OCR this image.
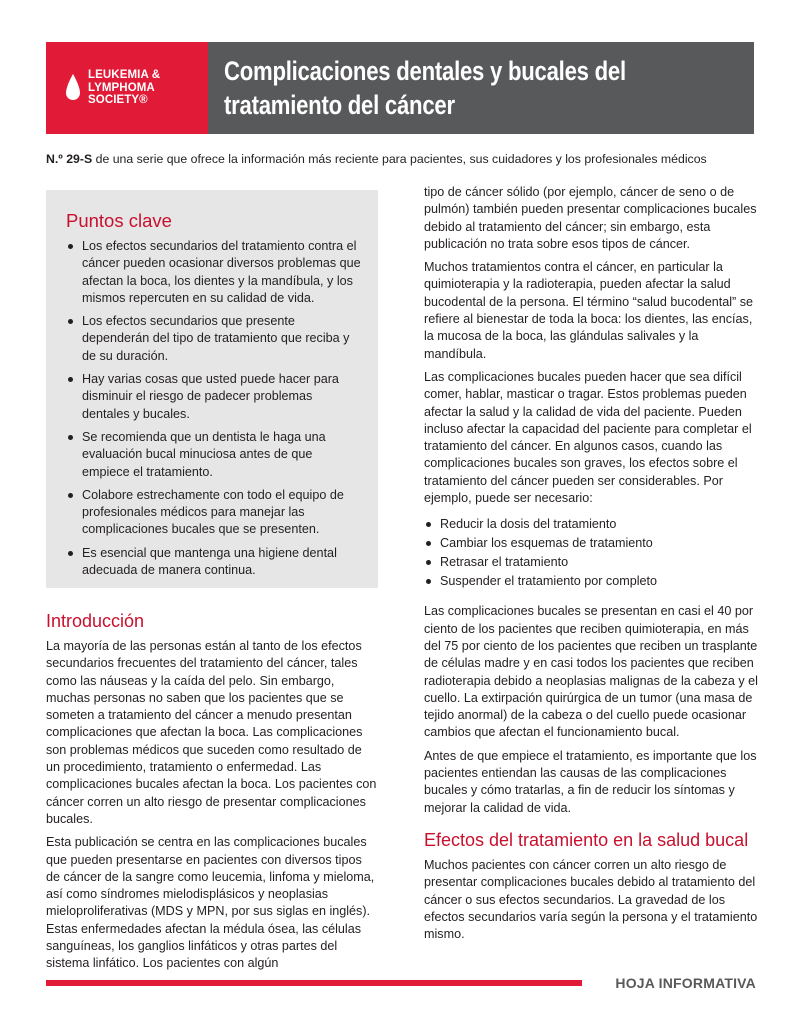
LEUKEMIA &
LYMPHOMA
SOCIETY®
Complicaciones dentales y bucales del tratamiento del cáncer
N.º 29-S de una serie que ofrece la información más reciente para pacientes, sus cuidadores y los profesionales médicos
Puntos clave
Los efectos secundarios del tratamiento contra el cáncer pueden ocasionar diversos problemas que afectan la boca, los dientes y la mandíbula, y los mismos repercuten en su calidad de vida.
Los efectos secundarios que presente dependerán del tipo de tratamiento que reciba y de su duración.
Hay varias cosas que usted puede hacer para disminuir el riesgo de padecer problemas dentales y bucales.
Se recomienda que un dentista le haga una evaluación bucal minuciosa antes de que empiece el tratamiento.
Colabore estrechamente con todo el equipo de profesionales médicos para manejar las complicaciones bucales que se presenten.
Es esencial que mantenga una higiene dental adecuada de manera continua.
Introducción

La mayoría de las personas están al tanto de los efectos secundarios frecuentes del tratamiento del cáncer, tales como las náuseas y la caída del pelo. Sin embargo, muchas personas no saben que los pacientes que se someten a tratamiento del cáncer a menudo presentan complicaciones que afectan la boca. Las complicaciones son problemas médicos que suceden como resultado de un procedimiento, tratamiento o enfermedad. Las complicaciones bucales afectan la boca. Los pacientes con cáncer corren un alto riesgo de presentar complicaciones bucales.

Esta publicación se centra en las complicaciones bucales que pueden presentarse en pacientes con diversos tipos de cáncer de la sangre como leucemia, linfoma y mieloma, así como síndromes mielodisplásicos y neoplasias mieloproliferativas (MDS y MPN, por sus siglas en inglés). Estas enfermedades afectan la médula ósea, las células sanguíneas, los ganglios linfáticos y otras partes del sistema linfático. Los pacientes con algún

tipo de cáncer sólido (por ejemplo, cáncer de seno o de pulmón) también pueden presentar complicaciones bucales debido al tratamiento del cáncer; sin embargo, esta publicación no trata sobre esos tipos de cáncer.

Muchos tratamientos contra el cáncer, en particular la quimioterapia y la radioterapia, pueden afectar la salud bucodental de la persona. El término “salud bucodental” se refiere al bienestar de toda la boca: los dientes, las encías, la mucosa de la boca, las glándulas salivales y la mandíbula.

Las complicaciones bucales pueden hacer que sea difícil comer, hablar, masticar o tragar. Estos problemas pueden afectar la salud y la calidad de vida del paciente. Pueden incluso afectar la capacidad del paciente para completar el tratamiento del cáncer. En algunos casos, cuando las complicaciones bucales son graves, los efectos sobre el tratamiento del cáncer pueden ser considerables. Por ejemplo, puede ser necesario:

Reducir la dosis del tratamiento
Cambiar los esquemas de tratamiento
Retrasar el tratamiento
Suspender el tratamiento por completo

Las complicaciones bucales se presentan en casi el 40 por ciento de los pacientes que reciben quimioterapia, en más del 75 por ciento de los pacientes que reciben un trasplante de células madre y en casi todos los pacientes que reciben radioterapia debido a neoplasias malignas de la cabeza y el cuello. La extirpación quirúrgica de un tumor (una masa de tejido anormal) de la cabeza o del cuello puede ocasionar cambios que afectan el funcionamiento bucal.

Antes de que empiece el tratamiento, es importante que los pacientes entiendan las causas de las complicaciones bucales y cómo tratarlas, a fin de reducir los síntomas y mejorar la calidad de vida.

Efectos del tratamiento en la salud bucal

Muchos pacientes con cáncer corren un alto riesgo de presentar complicaciones bucales debido al tratamiento del cáncer o sus efectos secundarios. La gravedad de los efectos secundarios varía según la persona y el tratamiento mismo.

HOJA INFORMATIVA
